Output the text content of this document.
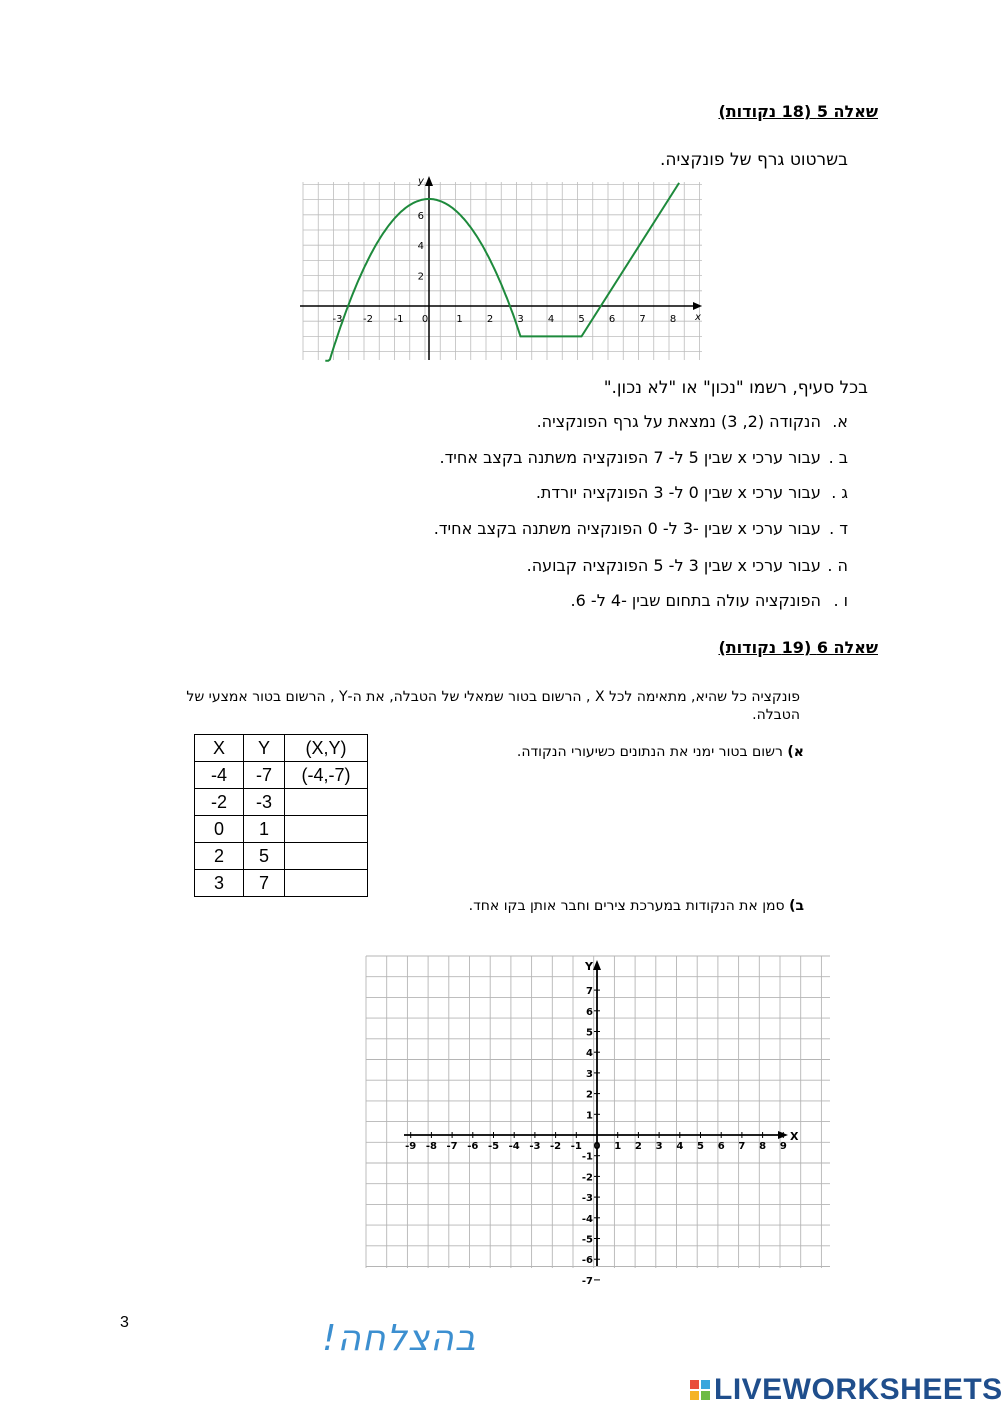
שאלה 5 (18 נקודות)
בשרטוט גרף של פונקציה.
-3 -2 -1 0	1 2 3 4 5 6 7 8
2
4
6
x
y
בכל סעיף, רשמו "נכון" או "לא נכון."
א. הנקודה (2, 3) נמצאת על גרף הפונקציה.
ב . עבור ערכי x שבין 5 ל- 7 הפונקציה משתנה בקצב אחיד.
ג . עבור ערכי x שבין 0 ל- 3 הפונקציה יורדת.
ד . עבור ערכי x שבין -3 ל- 0 הפונקציה משתנה בקצב אחיד.
ה . עבור ערכי x שבין 3 ל- 5 הפונקציה קבועה.
ו . הפונקציה עולה בתחום שבין -4 ל- 6.
שאלה 6 (19 נקודות)
פונקציה כל שהיא, מתאימה לכל X , הרשום בטור שמאלי של הטבלה, את ה-Y , הרשום בטור אמצעי של הטבלה.
X	Y	(X,Y)
-4	-7	(-4,-7)
-2	-3	
0	1	
2	5	
3	7	
א) רשום בטור ימני את הנתונים כשיעורי הנקודה.
ב) סמן את הנקודות במערכת צירים וחבר אותן בקו אחד.
-9 -8 -7 -6 -5 -4 -3 -2 -1 0 1 2 3 4 5 6 7 8 9
7
6
5
4
3
2
1
-1
-2
-3
-4
-5
-6
-7
X
Y
3	בהצלחה!
LIVEWORKSHEETS
